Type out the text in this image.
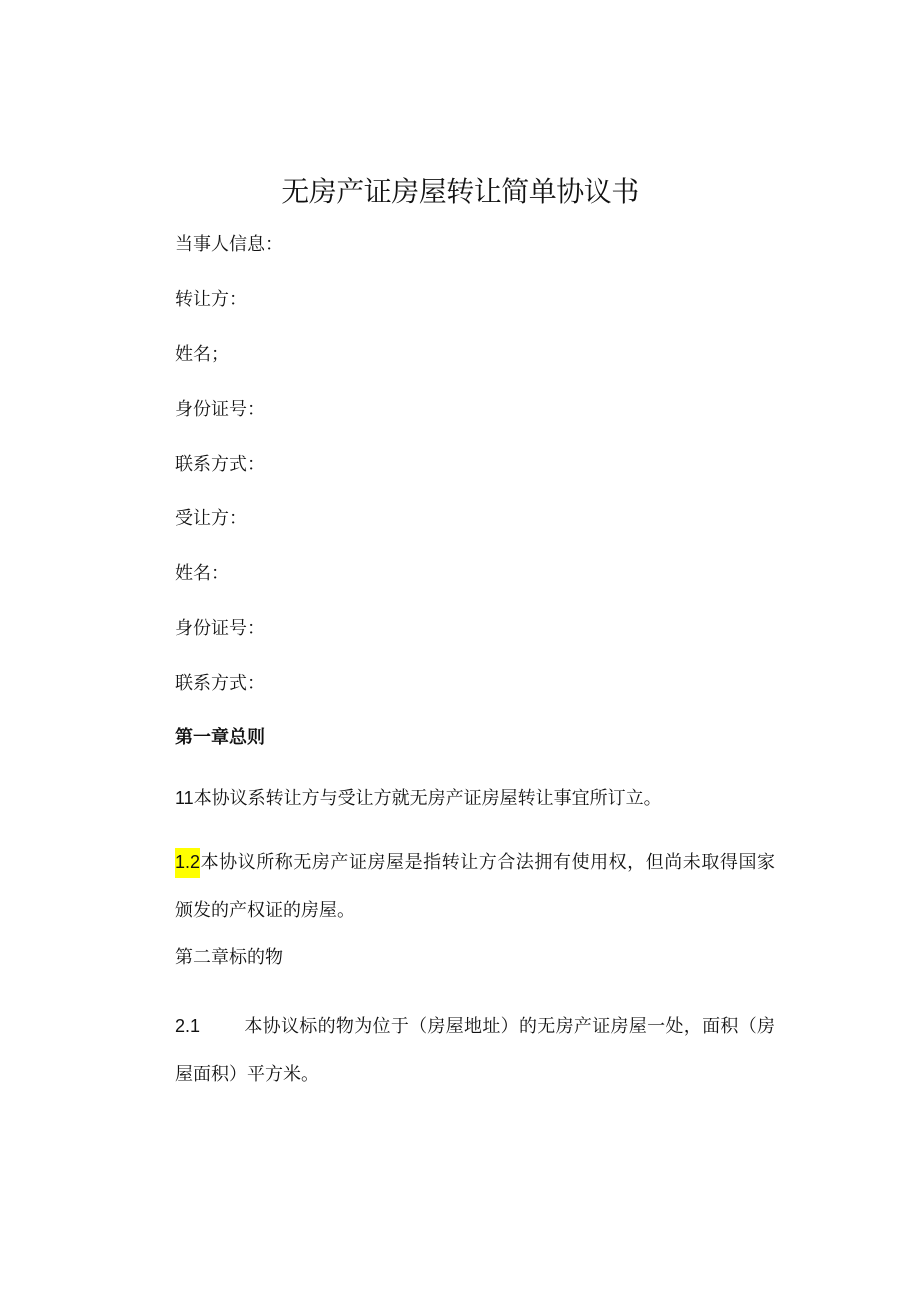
无房产证房屋转让简单协议书
当事人信息：
转让方：
姓名；
身份证号：
联系方式：
受让方：
姓名：
身份证号：
联系方式：
第一章总则
11本协议系转让方与受让方就无房产证房屋转让事宜所订立。
1.2本协议所称无房产证房屋是指转让方合法拥有使用权，但尚未取得国家颁发的产权证的房屋。
第二章标的物
2.1 本协议标的物为位于（房屋地址）的无房产证房屋一处，面积（房屋面积）平方米。
